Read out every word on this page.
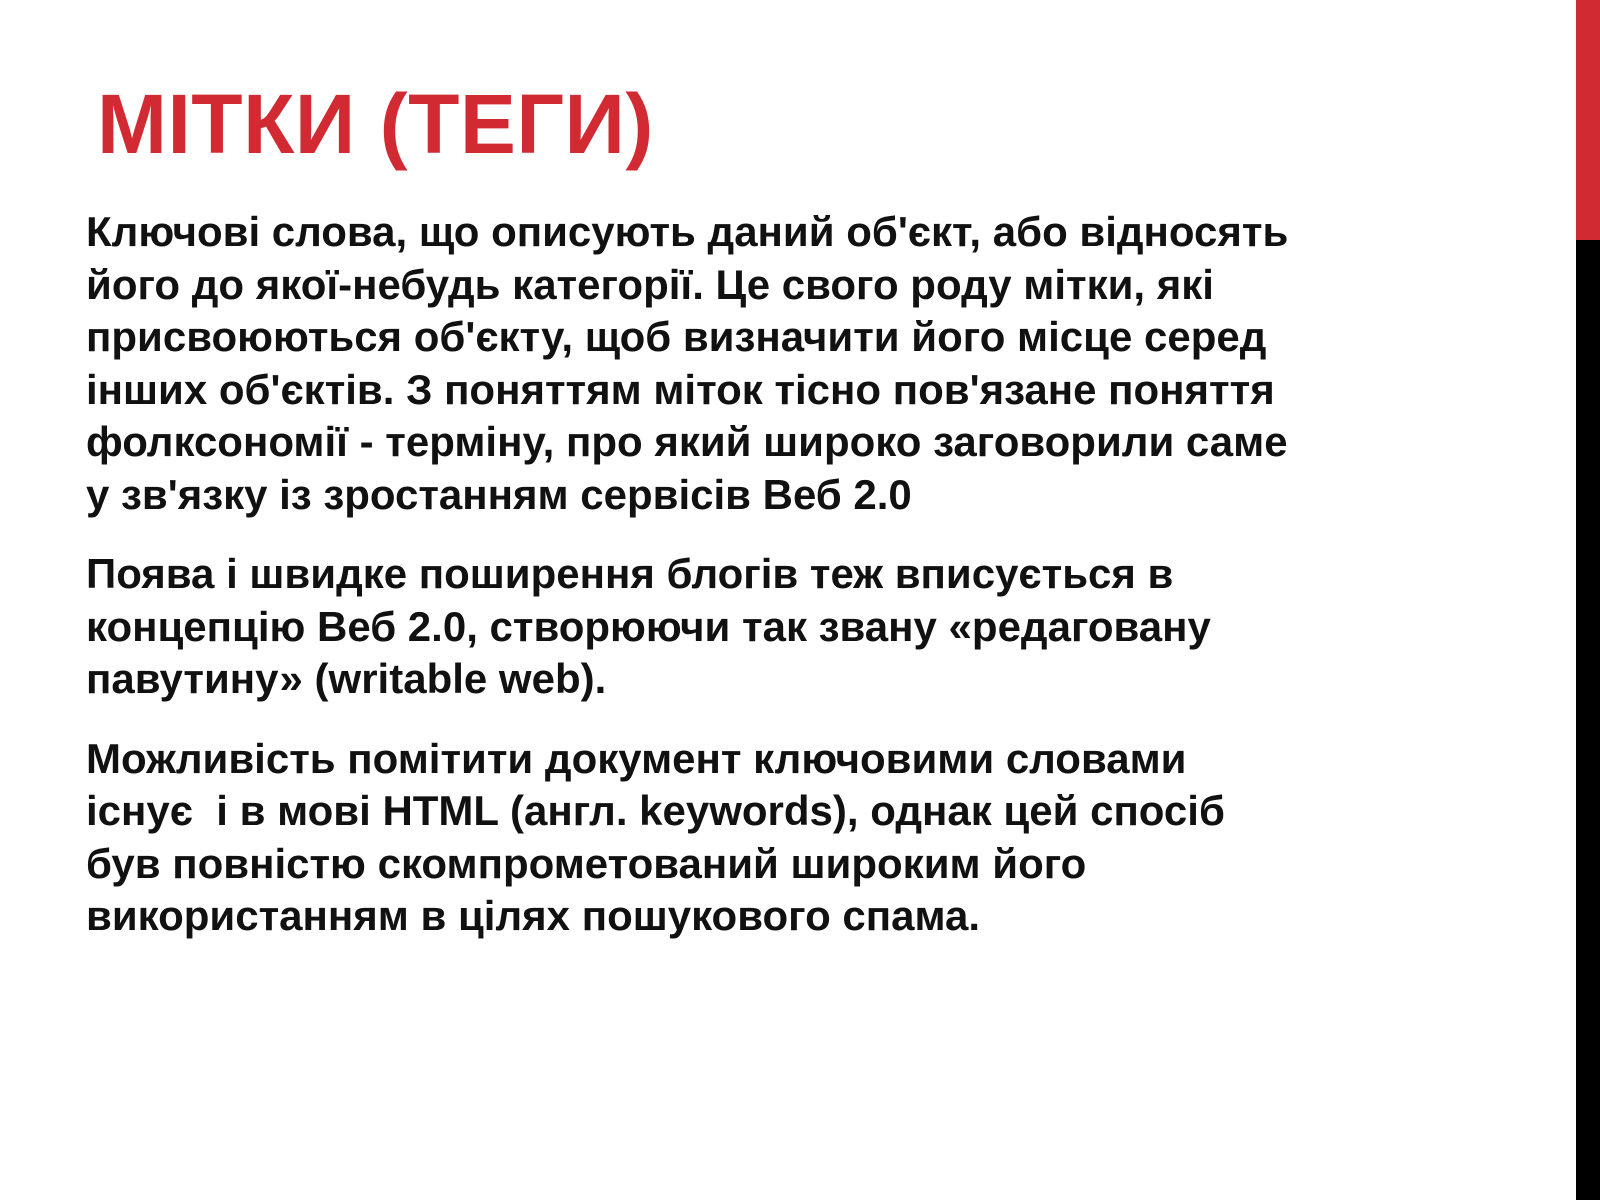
МІТКИ (ТЕГИ)

Ключові слова, що описують даний об'єкт, або відносять
його до якої-небудь категорії. Це свого роду мітки, які
присвоюються об'єкту, щоб визначити його місце серед
інших об'єктів. З поняттям міток тісно пов'язане поняття
фолксономії - терміну, про який широко заговорили саме
у зв'язку із зростанням сервісів Веб 2.0

Поява і швидке поширення блогів теж вписується в
концепцію Веб 2.0, створюючи так звану «редаговану
павутину» (writable web).

Можливість помітити документ ключовими словами
існує  і в мові HTML (англ. keywords), однак цей спосіб
був повністю скомпрометований широким його
використанням в цілях пошукового спама.
